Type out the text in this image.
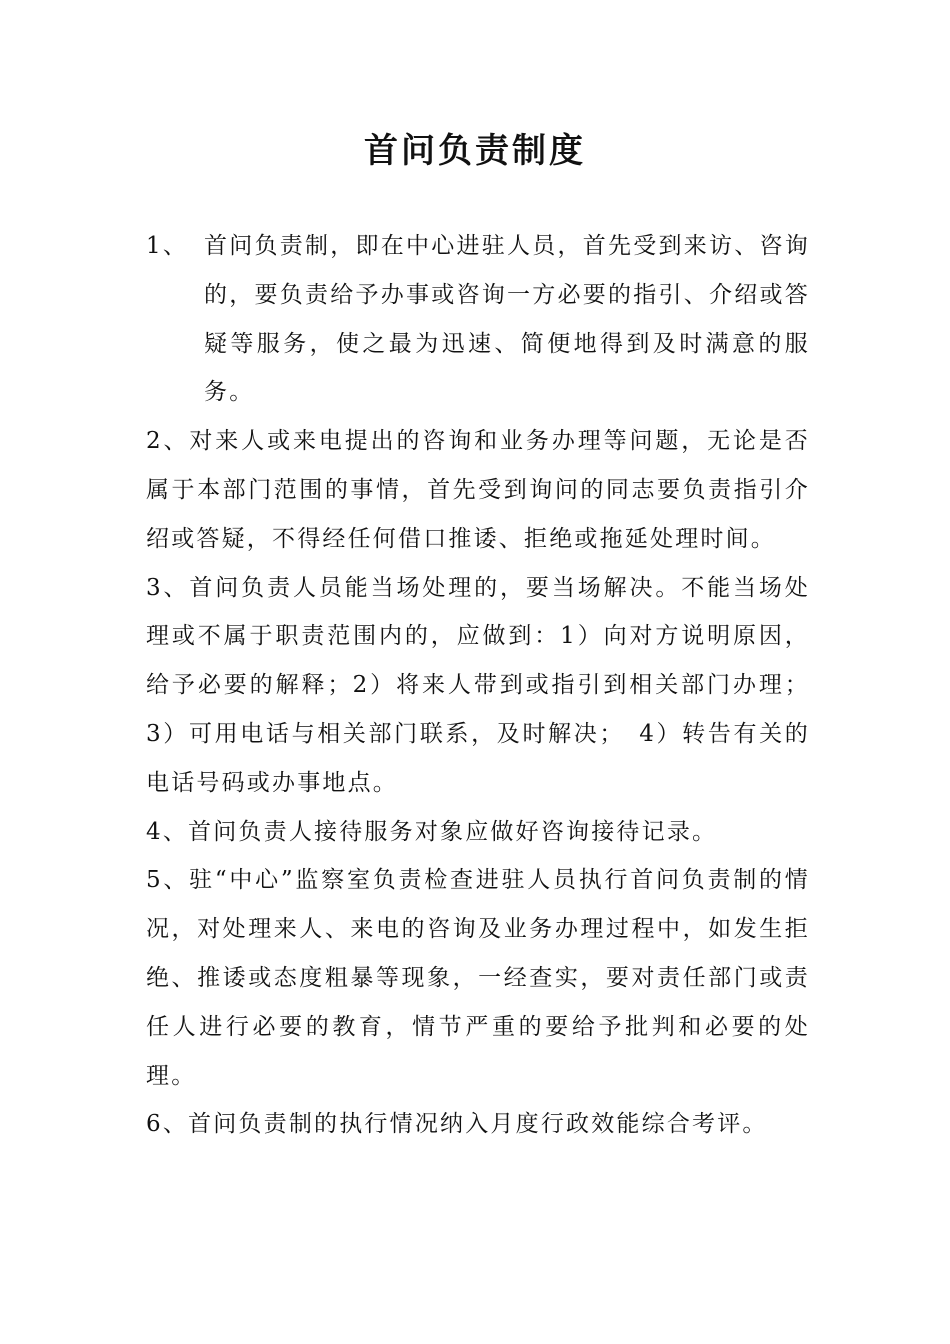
首问负责制度
1、 首问负责制，即在中心进驻人员，首先受到来访、咨询的，要负责给予办事或咨询一方必要的指引、介绍或答疑等服务，使之最为迅速、简便地得到及时满意的服务。

2、对来人或来电提出的咨询和业务办理等问题，无论是否属于本部门范围的事情，首先受到询问的同志要负责指引介绍或答疑，不得经任何借口推诿、拒绝或拖延处理时间。

3、首问负责人员能当场处理的，要当场解决。不能当场处理或不属于职责范围内的，应做到：1）向对方说明原因，给予必要的解释；2）将来人带到或指引到相关部门办理；3）可用电话与相关部门联系，及时解决；　4）转告有关的电话号码或办事地点。

4、首问负责人接待服务对象应做好咨询接待记录。

5、驻“中心”监察室负责检查进驻人员执行首问负责制的情况，对处理来人、来电的咨询及业务办理过程中，如发生拒绝、推诿或态度粗暴等现象，一经查实，要对责任部门或责任人进行必要的教育，情节严重的要给予批判和必要的处理。

6、首问负责制的执行情况纳入月度行政效能综合考评。
